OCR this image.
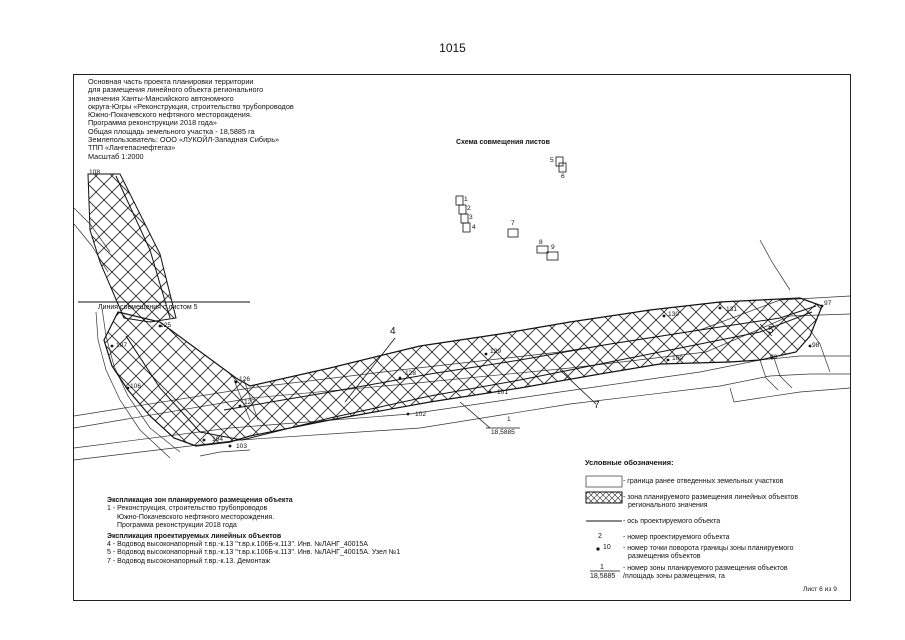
1015
Основная часть проекта планировки территории
для размещения линейного объекта регионального
значения Ханты-Мансийского автономного
округа-Югры «Реконструкция, строительство трубопроводов
Южно-Покачевского нефтяного месторождения.
Программа реконструкции 2018 года»
Общая площадь земельного участка - 18,5885 га
Землепользователь: ООО «ЛУКОЙЛ-Западная Сибирь»
ТПП «Лангепаснефтегаз»
Масштаб 1:2000
Схема совмещения листов
1
2
3
4
5
6
7
8
9
Линия совмещения с листом 5
4	5
7
1
18,5885
108
97
98
99
100
101
102
103
104
106
107
125
126
127
128
129
130
131
Условные обозначения:
- граница ранее отведенных земельных участков
- зона планируемого размещения линейных объектов
регионального значения
- ось проектируемого объекта
2	- номер проектируемого объекта
10 - номер точки поворота границы зоны планируемого
размещения объектов
1
18,5885
- номер зоны планируемого размещения объектов
/площадь зоны размещения, га
Экспликация зон планируемого размещения объекта
1 - Реконструкция, строительство трубопроводов
Южно-Покачевского нефтяного месторождения.
Программа реконструкции 2018 года
Экспликация проектируемых линейных объектов
4 - Водовод высоконапорный т.вр.-к.13 "т.вр.к.106Б-к.113". Инв. №ЛАНГ_40015А
5 - Водовод высоконапорный т.вр.-к.13 "т.вр.к.106Б-к.113". Инв. №ЛАНГ_40015А. Узел №1
7 - Водовод высоконапорный т.вр.-к.13. Демонтаж
Лист 6 из 9
